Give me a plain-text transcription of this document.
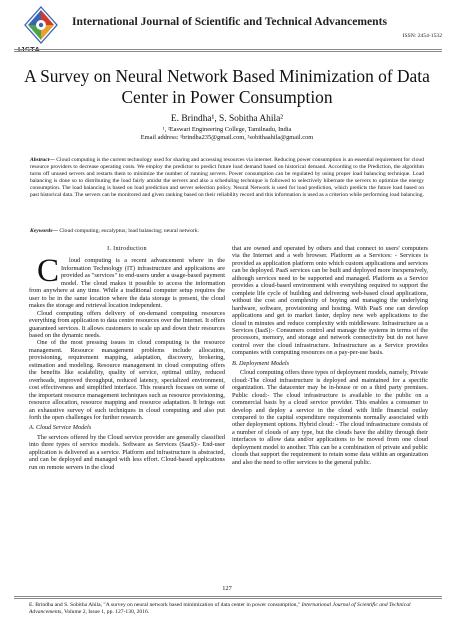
IJSTA
International Journal of Scientific and Technical Advancements
ISSN: 2454-1532
A Survey on Neural Network Based Minimization of Data Center in Power Consumption
E. Brindha¹, S. Sobitha Ahila²
¹, ²Easwari Engineering College, Tamilnadu, India
Email address: ¹brindha235@gmail.com, ²sobithaahila@gmail.com
Abstract— Cloud computing is the current technology used for sharing and accessing resources via internet. Reducing power consumption is an essential requirement for cloud resource providers to decrease operating costs. We employ the predictor to predict future load demand based on historical demand. According to the Prediction, the algorithm turns off unused servers and restarts them to minimize the number of running servers. Power consumption can be regulated by using proper load balancing technique. Load balancing is done so to distributing the load fairly amidst the servers and also a scheduling technique is followed to selectively hibernate the servers to optimize the energy consumption. The load balancing is based on load prediction and server selection policy. Neural Network is used for load prediction, which predicts the future load based on past historical data. The servers can be monitored and given ranking based on their reliability record and this information is used as a criterion while performing load balancing.
Keywords— Cloud computing; eucalyptus; load balancing; neural network.
I. Introduction

C	loud computing is a recent advancement where in the Information Technology (IT) infrastructure and applications are provided as "services" to end-users under a usage-based payment model. The cloud makes it possible to access the information from anywhere at any time. While a traditional computer setup requires the user to be in the same location where the data storage is present, the cloud makes the storage and retrieval location independent.

Cloud computing offers delivery of on-demand computing resources everything from application to data centre resources over the Internet. It offers guaranteed services. It allows customers to scale up and down their resources based on the dynamic needs.

One of the most pressing issues in cloud computing is the resource management. Resource management problems include allocation, provisioning, requirement mapping, adaptation, discovery, brokering, estimation and modeling. Resource management in cloud computing offers the benefits like scalability, quality of service, optimal utility, reduced overheads, improved throughput, reduced latency, specialized environment, cost effectiveness and simplified interface. This research focuses on some of the important resource management techniques such as resource provisioning, resource allocation, resource mapping and resource adaptation. It brings out an exhaustive survey of such techniques in cloud computing and also put forth the open challenges for further research.

A. Cloud Service Models

The services offered by the Cloud service provider are generally classified into three types of service models. Software as Services (SaaS):- End-user application is delivered as a service. Platform and infrastructure is abstracted, and can be deployed and managed with less effort. Cloud-based applications run on remote servers in the cloud

that are owned and operated by others and that connect to users' computers via the Internet and a web browser. Platform as a Services: - Services is provided as application platform onto which custom applications and services can be deployed. PaaS services can be built and deployed more inexpensively, although services need to be supported and managed. Platform as a Service provides a cloud-based environment with everything required to support the complete life cycle of building and delivering web-based cloud applications, without the cost and complexity of buying and managing the underlying hardware, software, provisioning and hosting. With PaaS one can develop applications and get to market faster, deploy new web applications to the cloud in minutes and reduce complexity with middleware. Infrastructure as a Services (IaaS):- Consumers control and manage the systems in terms of the processors, memory, and storage and network connectivity but do not have control over the cloud infrastructure. Infrastructure as a Service provides companies with computing resources on a pay-per-use basis.

B. Deployment Models

Cloud computing offers three types of deployment models, namely, Private cloud:-The cloud infrastructure is deployed and maintained for a specific organization. The datacenter may be in-house or on a third party premises. Public cloud:- The cloud infrastructure is available to the public on a commercial basis by a cloud service provider. This enables a consumer to develop and deploy a service in the cloud with little financial outlay compared to the capital expenditure requirements normally associated with other deployment options. Hybrid cloud: - The cloud infrastructure consists of a number of clouds of any type, but the clouds have the ability through their interfaces to allow data and/or applications to be moved from one cloud deployment model to another. This can be a combination of private and public clouds that support the requirement to retain some data within an organization and also the need to offer services to the general public.

127
E. Brindha and S. Sobitha Ahila, "A survey on neural network based minimization of data center in power consumption," International Journal of Scientific and Technical Advancements, Volume 2, Issue 1, pp. 127-130, 2016.
